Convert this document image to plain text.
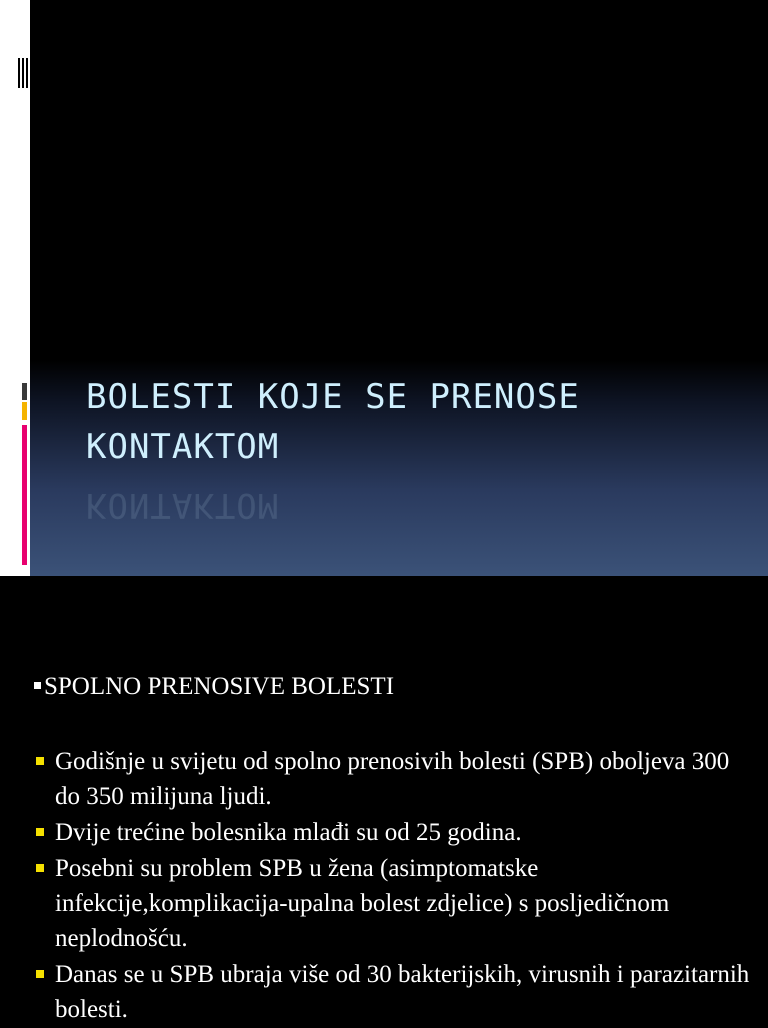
BOLESTI KOJE SE PRENOSE
KONTAKTOM
KONTAKTOM
SPOLNO PRENOSIVE BOLESTI
Godišnje u svijetu od spolno prenosivih bolesti (SPB) oboljeva 300 do 350 milijuna ljudi.
Dvije trećine bolesnika mlađi su od 25 godina.
Posebni su problem SPB u žena (asimptomatske infekcije,komplikacija-upalna bolest zdjelice) s posljedičnom neplodnošću.
Danas se u SPB ubraja više od 30 bakterijskih, virusnih i parazitarnih bolesti.
